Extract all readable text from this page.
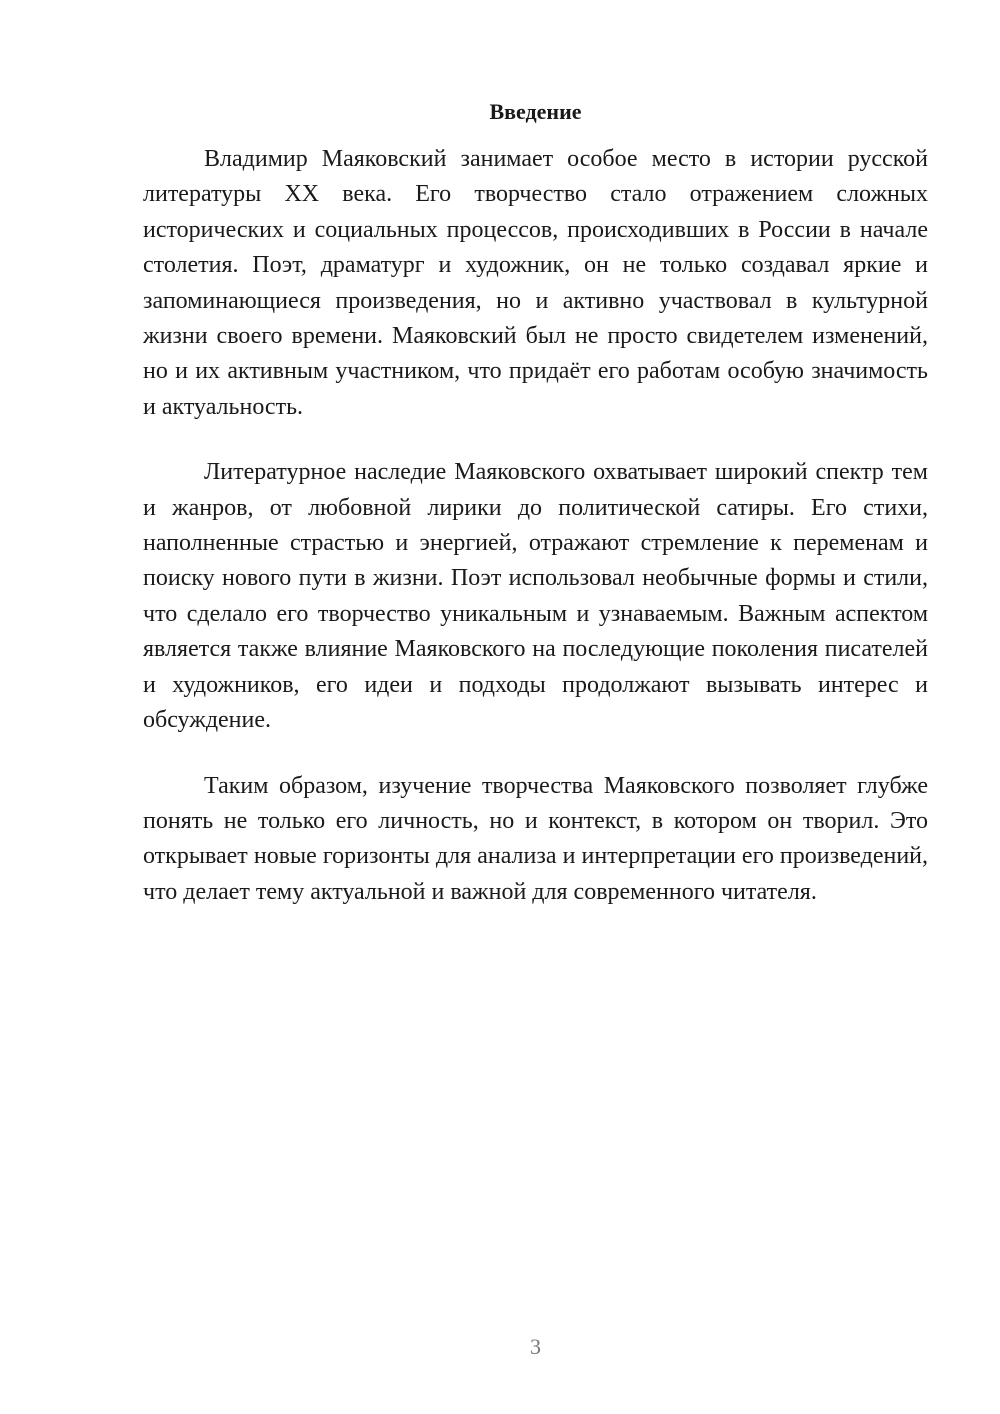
Введение

Владимир Маяковский занимает особое место в истории русской литературы XX века. Его творчество стало отражением сложных исторических и социальных процессов, происходивших в России в начале столетия. Поэт, драматург и художник, он не только создавал яркие и запоминающиеся произведения, но и активно участвовал в культурной жизни своего времени. Маяковский был не просто свидетелем изменений, но и их активным участником, что придаёт его работам особую значимость и актуальность.

Литературное наследие Маяковского охватывает широкий спектр тем и жанров, от любовной лирики до политической сатиры. Его стихи, наполненные страстью и энергией, отражают стремление к переменам и поиску нового пути в жизни. Поэт использовал необычные формы и стили, что сделало его творчество уникальным и узнаваемым. Важным аспектом является также влияние Маяковского на последующие поколения писателей и художников, его идеи и подходы продолжают вызывать интерес и обсуждение.

Таким образом, изучение творчества Маяковского позволяет глубже понять не только его личность, но и контекст, в котором он творил. Это открывает новые горизонты для анализа и интерпретации его произведений, что делает тему актуальной и важной для современного читателя.

3
